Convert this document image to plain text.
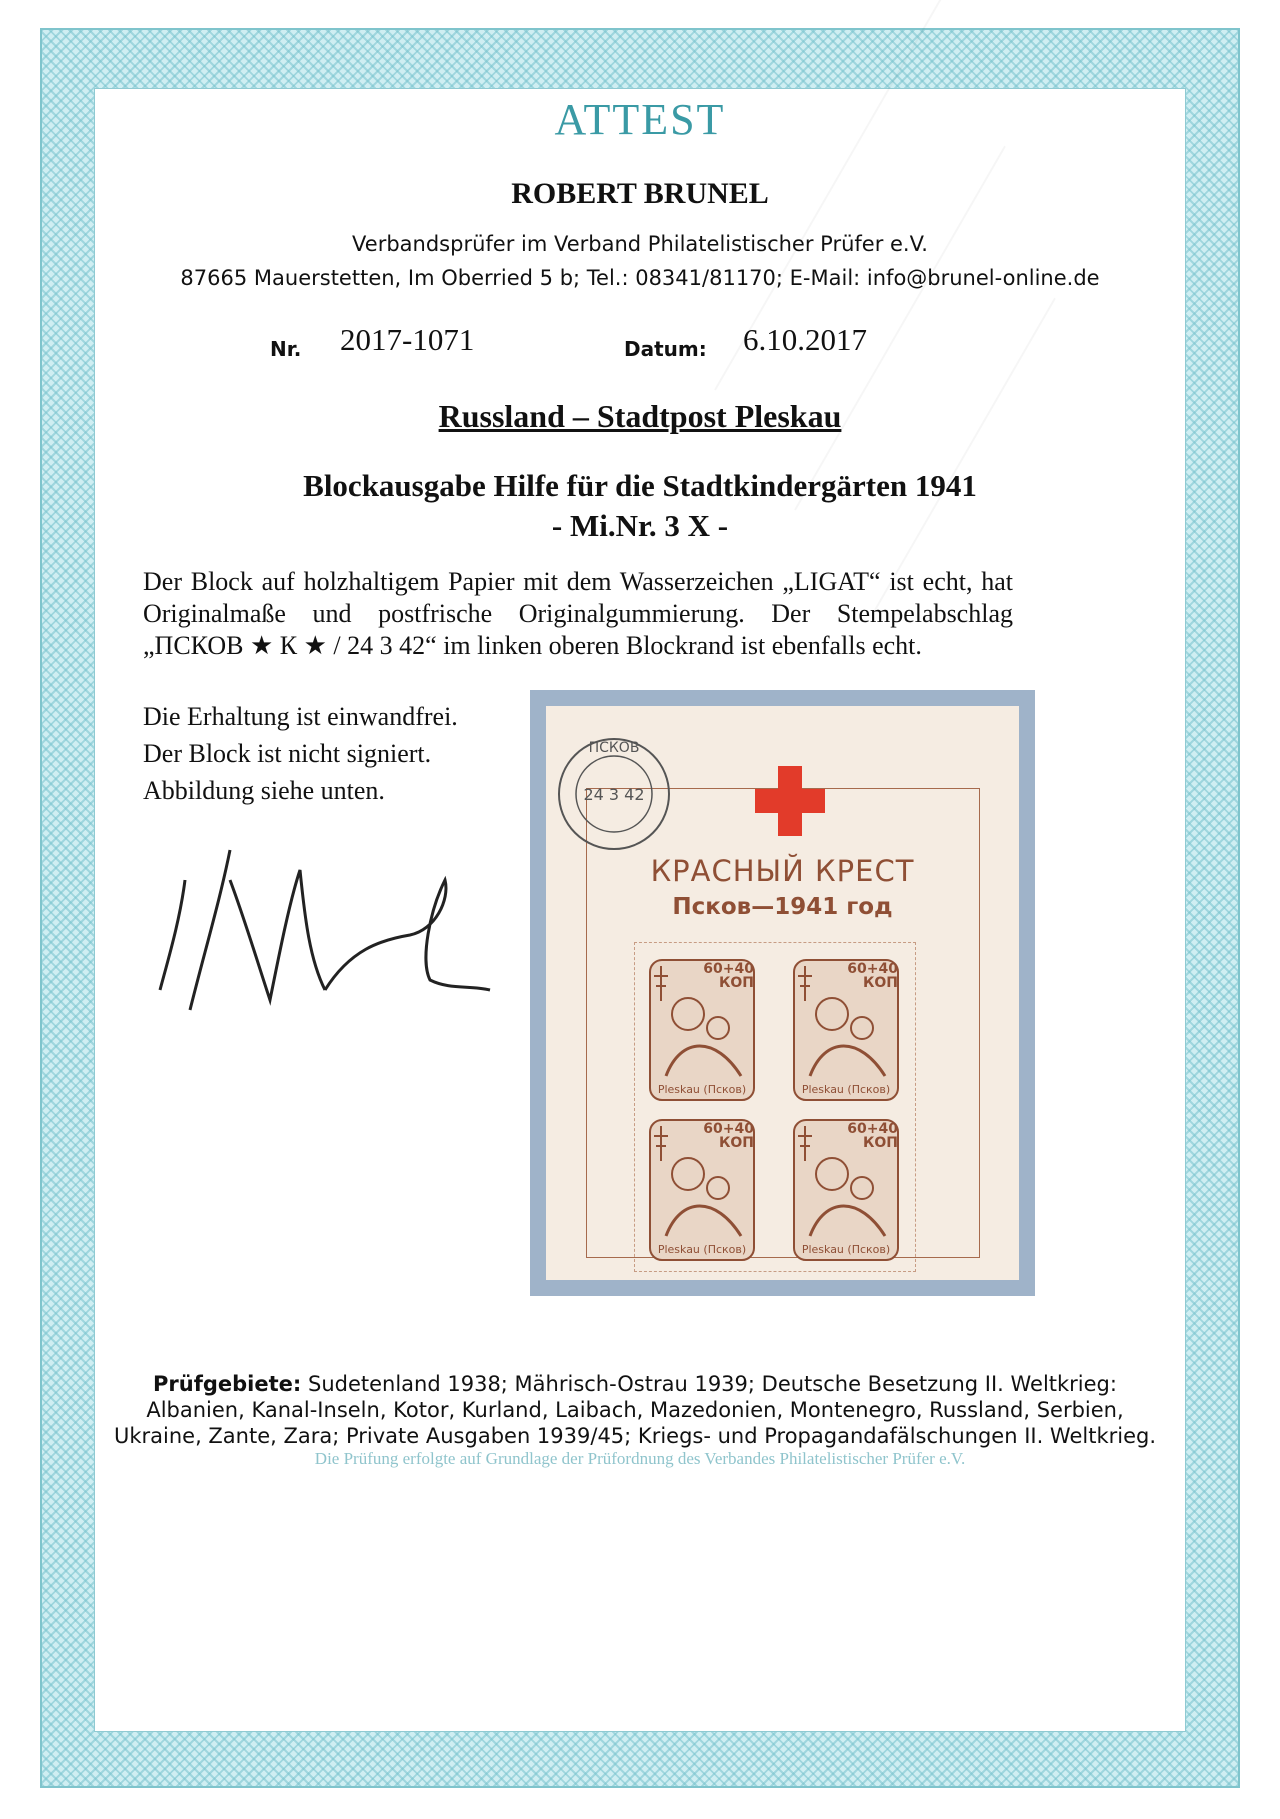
ATTEST
ROBERT BRUNEL
Verbandsprüfer im Verband Philatelistischer Prüfer e.V.
87665 Mauerstetten, Im Oberried 5 b; Tel.: 08341/81170; E-Mail: info@brunel-online.de
Nr. 2017-1071	Datum: 6.10.2017
Russland – Stadtpost Pleskau
Blockausgabe Hilfe für die Stadtkindergärten 1941
- Mi.Nr. 3 X -
Der Block auf holzhaltigem Papier mit dem Wasserzeichen „LIGAT“ ist echt, hat Originalmaße und postfrische Originalgummierung. Der Stempelabschlag „ПСКОВ ★ К ★ / 24 3 42“ im linken oberen Blockrand ist ebenfalls echt.
Die Erhaltung ist einwandfrei.
Der Block ist nicht signiert.
Abbildung siehe unten.
ПСКОВ
24 3 42
КРАСНЫЙ КРЕСТ
Псков—1941 год
60+40
КОП
Pleskau (Псков)
60+40
КОП
Pleskau (Псков)
60+40
КОП
Pleskau (Псков)
60+40
КОП
Pleskau (Псков)
Prüfgebiete: Sudetenland 1938; Mährisch-Ostrau 1939; Deutsche Besetzung II. Weltkrieg:
Albanien, Kanal-Inseln, Kotor, Kurland, Laibach, Mazedonien, Montenegro, Russland, Serbien,
Ukraine, Zante, Zara; Private Ausgaben 1939/45; Kriegs- und Propagandafälschungen II. Weltkrieg.
Die Prüfung erfolgte auf Grundlage der Prüfordnung des Verbandes Philatelistischer Prüfer e.V.
